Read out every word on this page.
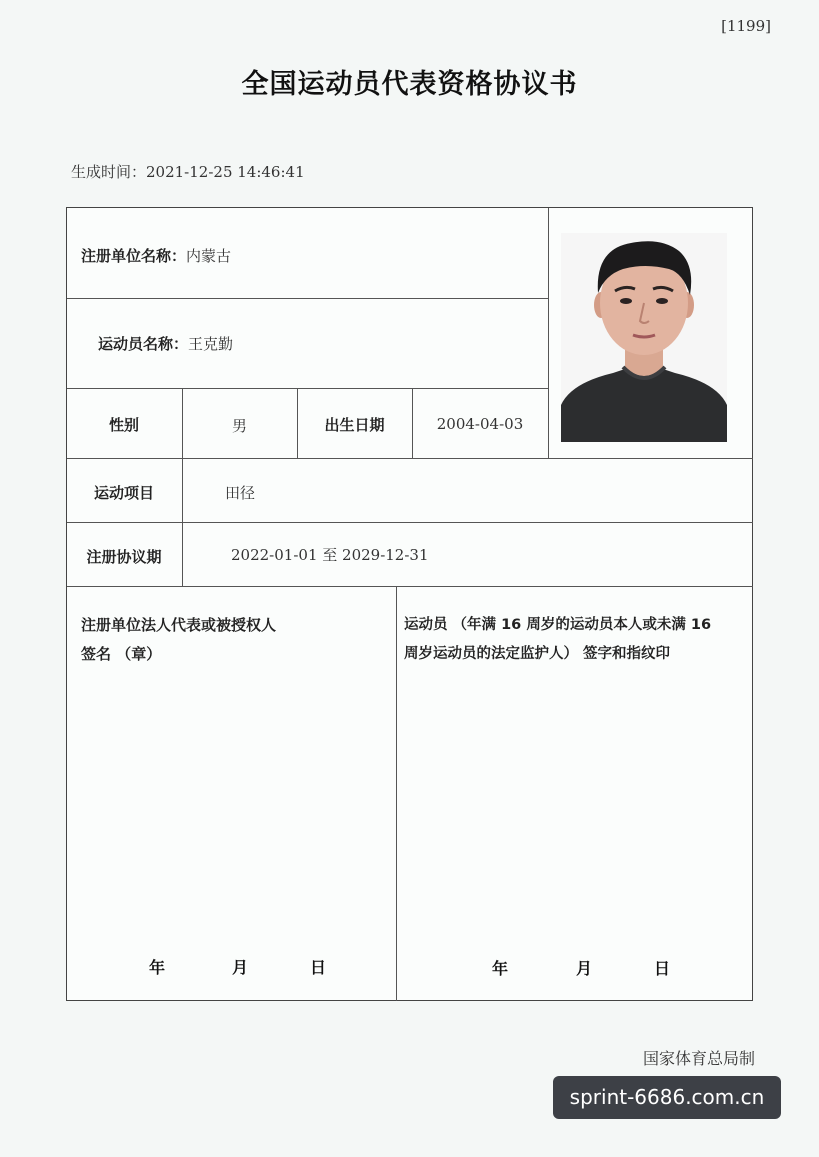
[1199]
全国运动员代表资格协议书
生成时间：2021-12-25 14:46:41
注册单位名称：内蒙古
运动员名称：王克勤
性别	男	出生日期	2004-04-03
运动项目	田径
注册协议期	2022-01-01 至 2029-12-31
注册单位法人代表或被授权人
签名 （章）
年	月	日
运动员 （年满 16 周岁的运动员本人或未满 16
周岁运动员的法定监护人） 签字和指纹印
年	月	日
国家体育总局制
sprint-6686.com.cn
